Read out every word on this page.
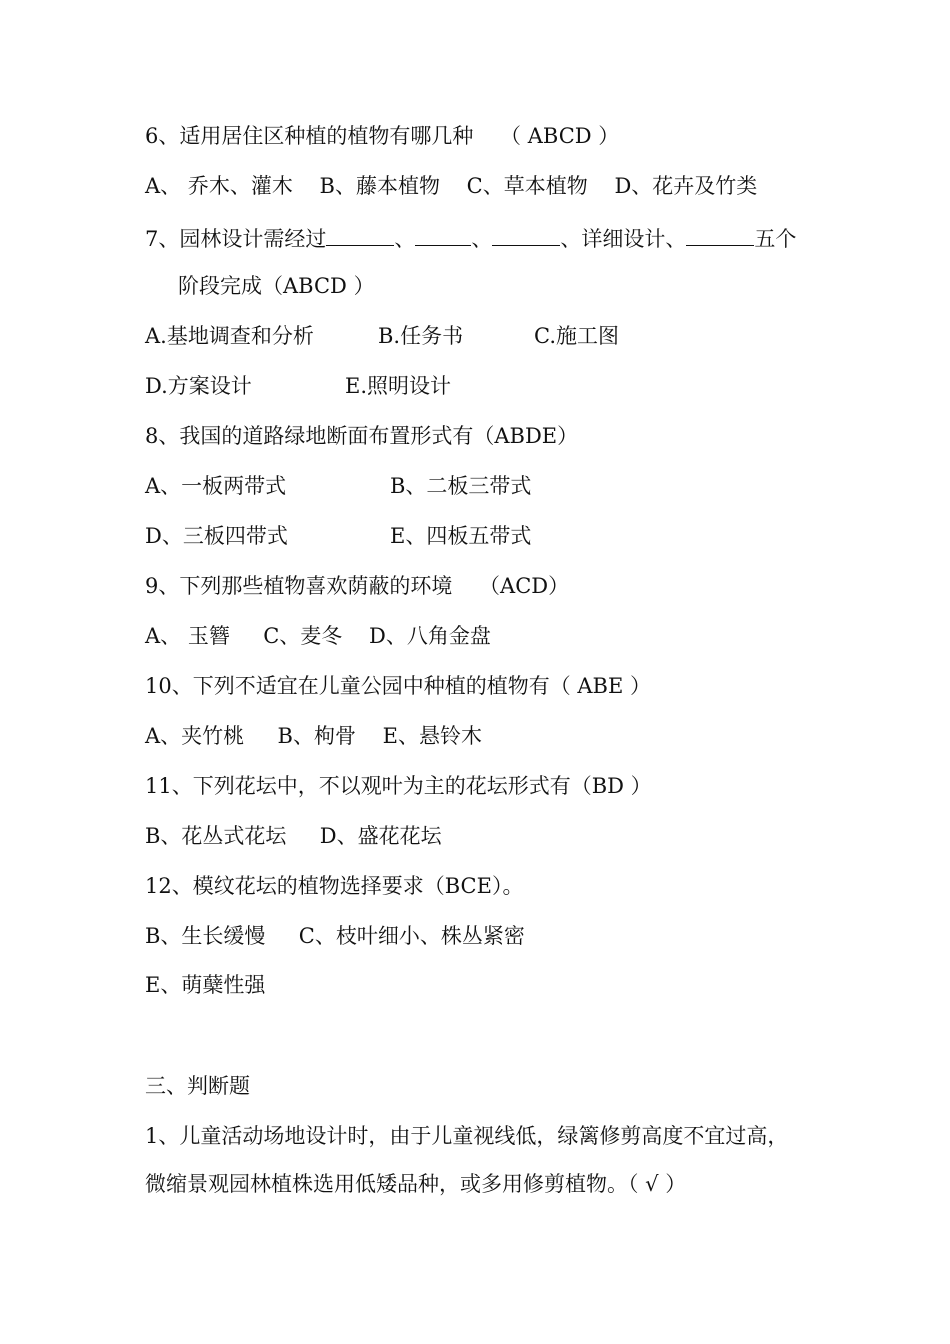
6、适用居住区种植的植物有哪几种    （ ABCD ）
A、 乔木、灌木    B、藤本植物    C、草本植物    D、花卉及竹类
7、园林设计需经过	、	、	、详细设计、	五个
阶段完成（ABCD ）
A.基地调查和分析	B.任务书	C.施工图
D.方案设计	E.照明设计
8、我国的道路绿地断面布置形式有（ABDE）
A、一板两带式	B、二板三带式
D、三板四带式	E、四板五带式
9、下列那些植物喜欢荫蔽的环境    （ACD）
A、 玉簪     C、麦冬    D、八角金盘
10、下列不适宜在儿童公园中种植的植物有（ ABE ）
A、夹竹桃     B、枸骨    E、悬铃木
11、下列花坛中，不以观叶为主的花坛形式有（BD ）
B、花丛式花坛     D、盛花花坛
12、模纹花坛的植物选择要求（BCE）。
B、生长缓慢     C、枝叶细小、株丛紧密
E、萌蘖性强
三、判断题
1、儿童活动场地设计时，由于儿童视线低，绿篱修剪高度不宜过高，
微缩景观园林植株选用低矮品种，或多用修剪植物。（ √ ）
